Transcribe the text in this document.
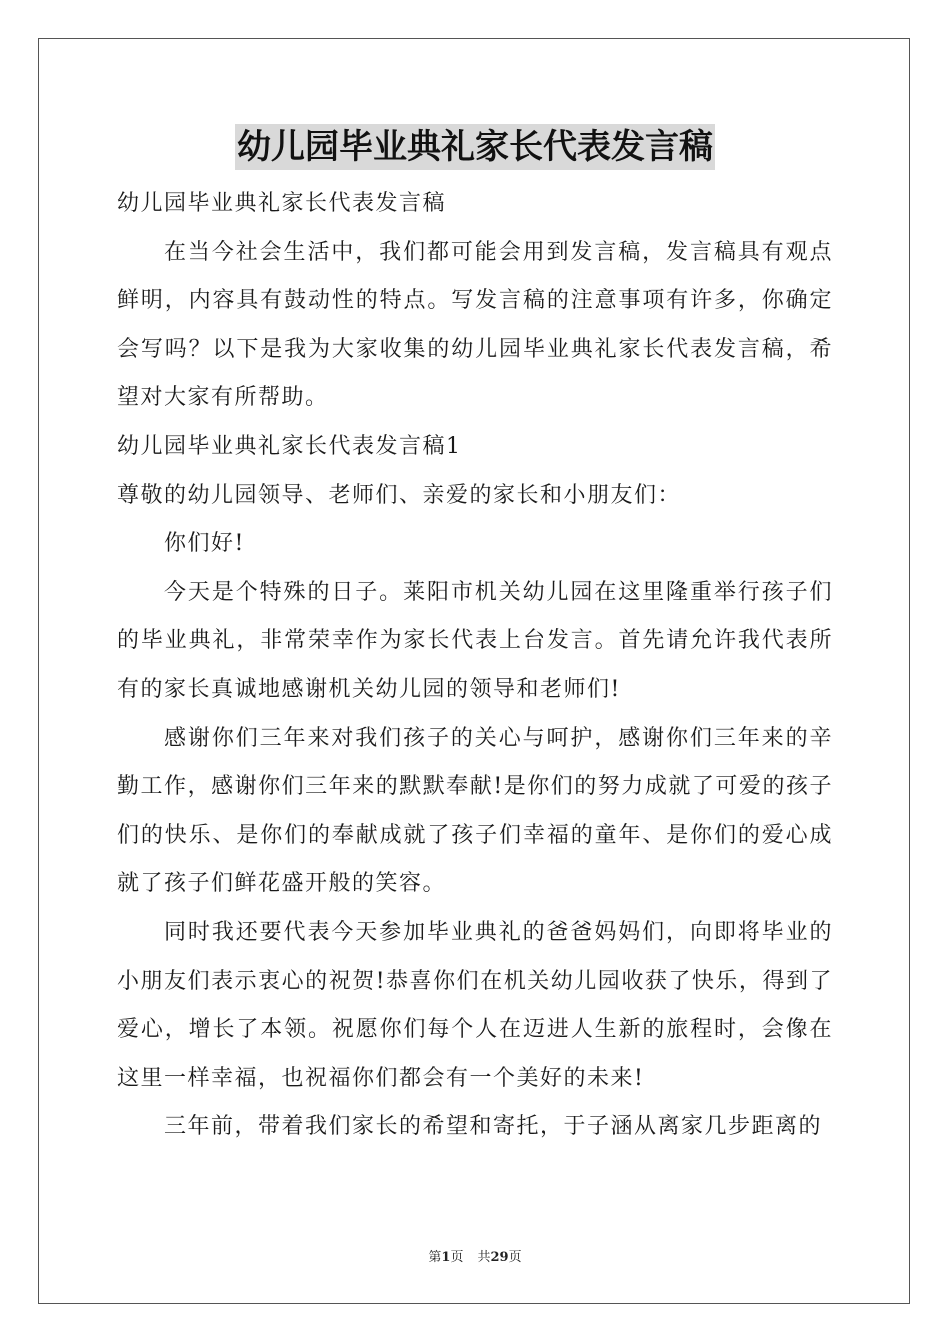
幼儿园毕业典礼家长代表发言稿

幼儿园毕业典礼家长代表发言稿

在当今社会生活中，我们都可能会用到发言稿，发言稿具有观点鲜明，内容具有鼓动性的特点。写发言稿的注意事项有许多，你确定会写吗？以下是我为大家收集的幼儿园毕业典礼家长代表发言稿，希望对大家有所帮助。

幼儿园毕业典礼家长代表发言稿1

尊敬的幼儿园领导、老师们、亲爱的家长和小朋友们：

你们好!

今天是个特殊的日子。莱阳市机关幼儿园在这里隆重举行孩子们的毕业典礼，非常荣幸作为家长代表上台发言。首先请允许我代表所有的家长真诚地感谢机关幼儿园的领导和老师们!

感谢你们三年来对我们孩子的关心与呵护，感谢你们三年来的辛勤工作，感谢你们三年来的默默奉献!是你们的努力成就了可爱的孩子们的快乐、是你们的奉献成就了孩子们幸福的童年、是你们的爱心成就了孩子们鲜花盛开般的笑容。

同时我还要代表今天参加毕业典礼的爸爸妈妈们，向即将毕业的小朋友们表示衷心的祝贺!恭喜你们在机关幼儿园收获了快乐，得到了爱心，增长了本领。祝愿你们每个人在迈进人生新的旅程时，会像在这里一样幸福，也祝福你们都会有一个美好的未来!

三年前，带着我们家长的希望和寄托，于子涵从离家几步距离的

第1页 共29页
